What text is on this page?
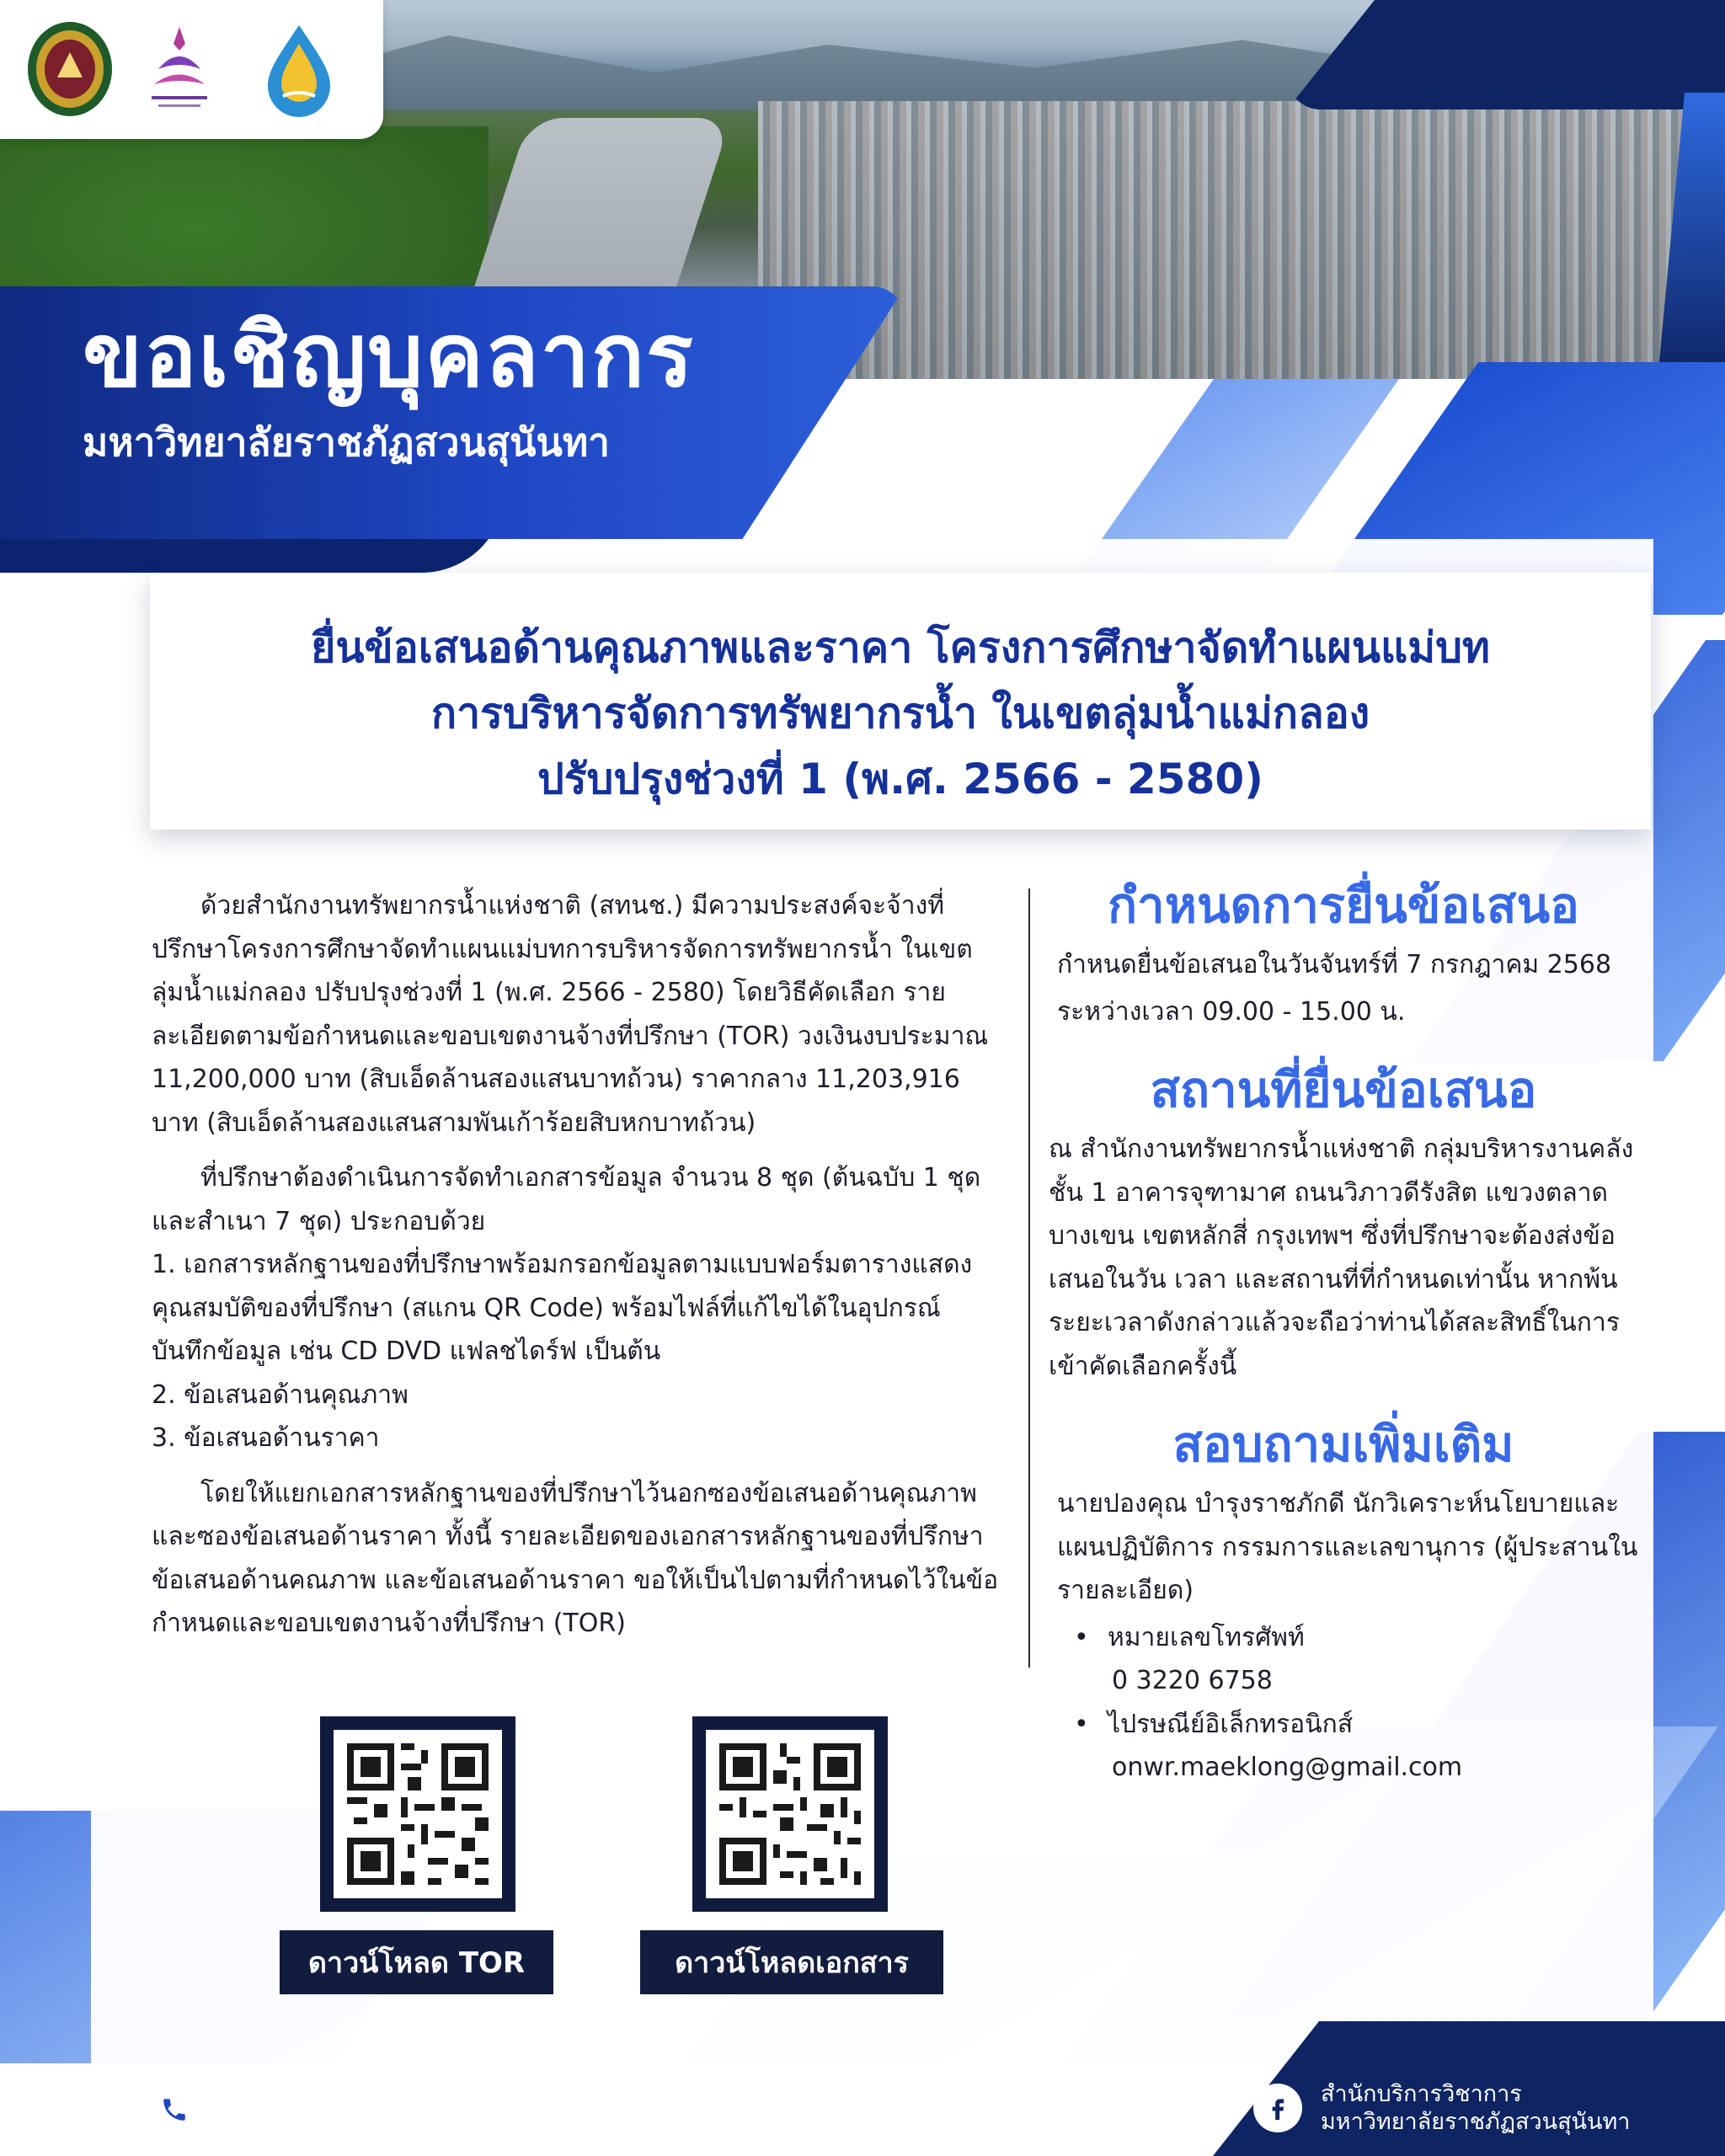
ขอเชิญบุคลากร
มหาวิทยาลัยราชภัฏสวนสุนันทา
ยื่นข้อเสนอด้านคุณภาพและราคา โครงการศึกษาจัดทำแผนแม่บท
การบริหารจัดการทรัพยากรน้ำ ในเขตลุ่มน้ำแม่กลอง
ปรับปรุงช่วงที่ 1 (พ.ศ. 2566 - 2580)

ด้วยสำนักงานทรัพยากรน้ำแห่งชาติ (สทนช.) มีความประสงค์จะจ้างที่ปรึกษาโครงการศึกษาจัดทำแผนแม่บทการบริหารจัดการทรัพยากรน้ำ ในเขตลุ่มน้ำแม่กลอง ปรับปรุงช่วงที่ 1 (พ.ศ. 2566 - 2580) โดยวิธีคัดเลือก รายละเอียดตามข้อกำหนดและขอบเขตงานจ้างที่ปรึกษา (TOR) วงเงินงบประมาณ 11,200,000 บาท (สิบเอ็ดล้านสองแสนบาทถ้วน) ราคากลาง 11,203,916 บาท (สิบเอ็ดล้านสองแสนสามพันเก้าร้อยสิบหกบาทถ้วน)

ที่ปรึกษาต้องดำเนินการจัดทำเอกสารข้อมูล จำนวน 8 ชุด (ต้นฉบับ 1 ชุด และสำเนา 7 ชุด) ประกอบด้วย

1. เอกสารหลักฐานของที่ปรึกษาพร้อมกรอกข้อมูลตามแบบฟอร์มตารางแสดงคุณสมบัติของที่ปรึกษา (สแกน QR Code) พร้อมไฟล์ที่แก้ไขได้ในอุปกรณ์บันทึกข้อมูล เช่น CD DVD แฟลชไดร์ฟ เป็นต้น

2. ข้อเสนอด้านคุณภาพ

3. ข้อเสนอด้านราคา

โดยให้แยกเอกสารหลักฐานของที่ปรึกษาไว้นอกซองข้อเสนอด้านคุณภาพและซองข้อเสนอด้านราคา ทั้งนี้ รายละเอียดของเอกสารหลักฐานของที่ปรึกษาข้อเสนอด้านคณภาพ และข้อเสนอด้านราคา ขอให้เป็นไปตามที่กำหนดไว้ในข้อกำหนดและขอบเขตงานจ้างที่ปรึกษา (TOR)

กำหนดการยื่นข้อเสนอ

กำหนดยื่นข้อเสนอในวันจันทร์ที่ 7 กรกฎาคม 2568

ระหว่างเวลา 09.00 - 15.00 น.

สถานที่ยื่นข้อเสนอ

ณ สำนักงานทรัพยากรน้ำแห่งชาติ กลุ่มบริหารงานคลัง ชั้น 1 อาคารจุฑามาศ ถนนวิภาวดีรังสิต แขวงตลาดบางเขน เขตหลักสี่ กรุงเทพฯ ซึ่งที่ปรึกษาจะต้องส่งข้อเสนอในวัน เวลา และสถานที่ที่กำหนดเท่านั้น หากพ้นระยะเวลาดังกล่าวแล้วจะถือว่าท่านได้สละสิทธิ์ในการเข้าคัดเลือกครั้งนี้

สอบถามเพิ่มเติม

นายปองคุณ บำรุงราชภักดี นักวิเคราะห์นโยบายและแผนปฏิบัติการ กรรมการและเลขานุการ (ผู้ประสานในรายละเอียด)

• หมายเลขโทรศัพท์
0 3220 6758
• ไปรษณีย์อิเล็กทรอนิกส์
onwr.maeklong@gmail.com
ดาวน์โหลด TOR	ดาวน์โหลดเอกสาร
0-2160-1358
www.aobrom.ssru.ac.th,
www.oas.ssru.ac.th
สำนักบริการวิชาการ
มหาวิทยาลัยราชภัฏสวนสุนันทา
